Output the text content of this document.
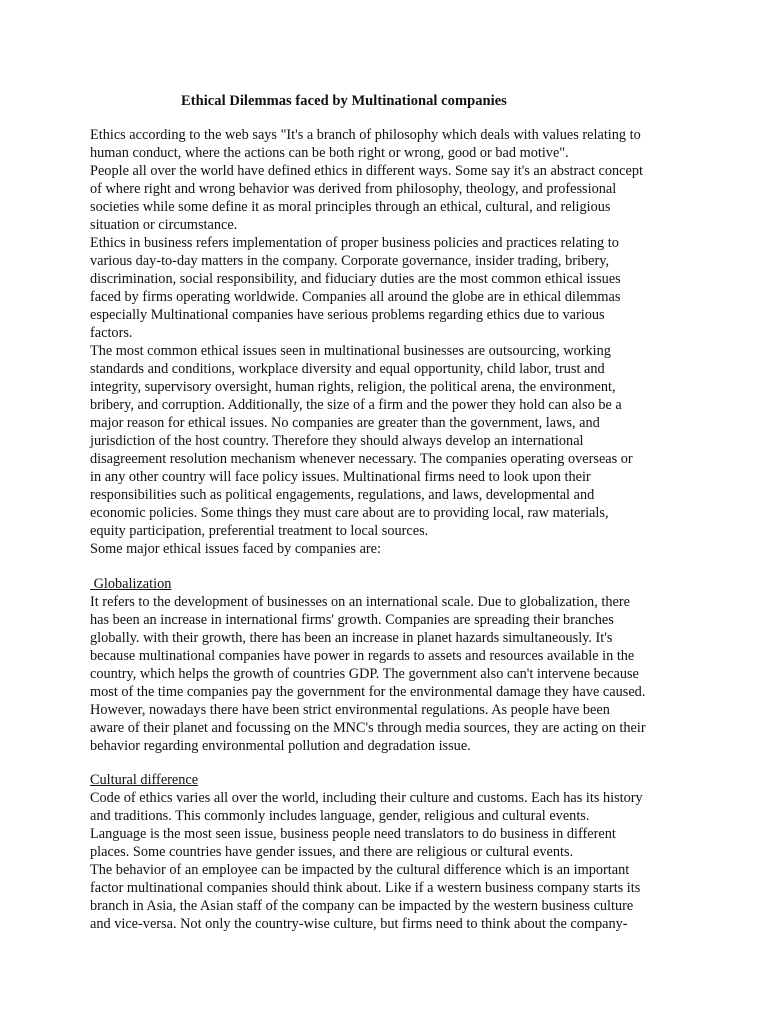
Ethical Dilemmas faced by Multinational companies
Ethics according to the web says "It's a branch of philosophy which deals with values relating to
human conduct, where the actions can be both right or wrong, good or bad motive".
People all over the world have defined ethics in different ways. Some say it's an abstract concept
of where right and wrong behavior was derived from philosophy, theology, and professional
societies while some define it as moral principles through an ethical, cultural, and religious
situation or circumstance.
Ethics in business refers implementation of proper business policies and practices relating to
various day-to-day matters in the company. Corporate governance, insider trading, bribery,
discrimination, social responsibility, and fiduciary duties are the most common ethical issues
faced by firms operating worldwide. Companies all around the globe are in ethical dilemmas
especially Multinational companies have serious problems regarding ethics due to various
factors.
The most common ethical issues seen in multinational businesses are outsourcing, working
standards and conditions, workplace diversity and equal opportunity, child labor, trust and
integrity, supervisory oversight, human rights, religion, the political arena, the environment,
bribery, and corruption. Additionally, the size of a firm and the power they hold can also be a
major reason for ethical issues. No companies are greater than the government, laws, and
jurisdiction of the host country. Therefore they should always develop an international
disagreement resolution mechanism whenever necessary. The companies operating overseas or
in any other country will face policy issues. Multinational firms need to look upon their
responsibilities such as political engagements, regulations, and laws, developmental and
economic policies. Some things they must care about are to providing local, raw materials,
equity participation, preferential treatment to local sources.
Some major ethical issues faced by companies are:
Globalization
It refers to the development of businesses on an international scale. Due to globalization, there
has been an increase in international firms' growth. Companies are spreading their branches
globally. with their growth, there has been an increase in planet hazards simultaneously. It's
because multinational companies have power in regards to assets and resources available in the
country, which helps the growth of countries GDP. The government also can't intervene because
most of the time companies pay the government for the environmental damage they have caused.
However, nowadays there have been strict environmental regulations. As people have been
aware of their planet and focussing on the MNC's through media sources, they are acting on their
behavior regarding environmental pollution and degradation issue.
Cultural difference
Code of ethics varies all over the world, including their culture and customs. Each has its history
and traditions. This commonly includes language, gender, religious and cultural events.
Language is the most seen issue, business people need translators to do business in different
places. Some countries have gender issues, and there are religious or cultural events.
The behavior of an employee can be impacted by the cultural difference which is an important
factor multinational companies should think about. Like if a western business company starts its
branch in Asia, the Asian staff of the company can be impacted by the western business culture
and vice-versa. Not only the country-wise culture, but firms need to think about the company-
